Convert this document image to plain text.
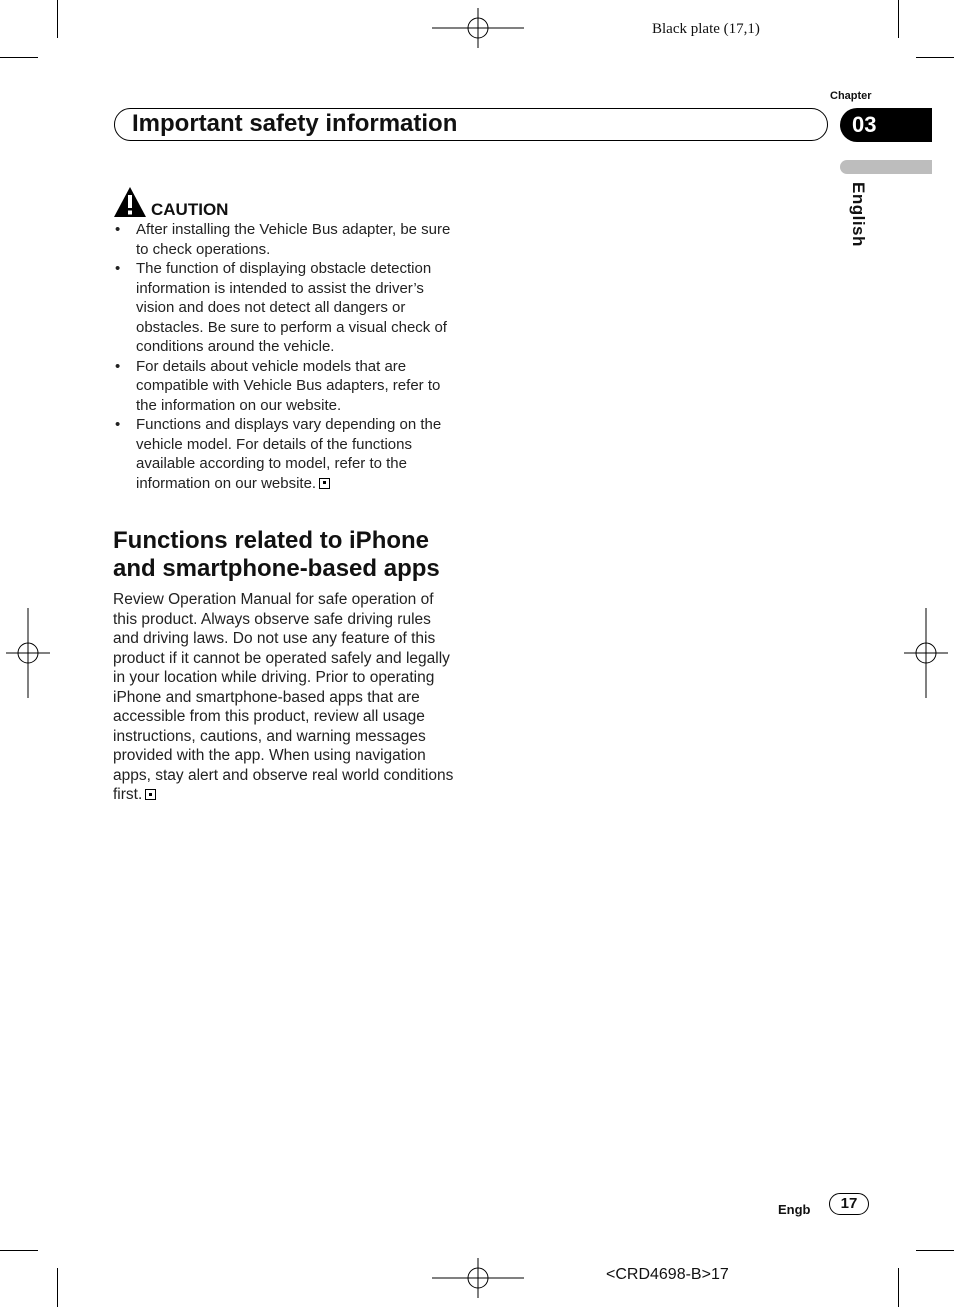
Black plate (17,1)
Chapter
Important safety information	03
English
CAUTION
• After installing the Vehicle Bus adapter, be sure to check operations.
• The function of displaying obstacle detection information is intended to assist the driver’s vision and does not detect all dangers or obstacles. Be sure to perform a visual check of conditions around the vehicle.
• For details about vehicle models that are compatible with Vehicle Bus adapters, refer to the information on our website.
• Functions and displays vary depending on the vehicle model. For details of the functions available according to model, refer to the information on our website.
Functions related to iPhone and smartphone-based apps

Review Operation Manual for safe operation of this product. Always observe safe driving rules and driving laws. Do not use any feature of this product if it cannot be operated safely and legally in your location while driving. Prior to operating iPhone and smartphone-based apps that are accessible from this product, review all usage instructions, cautions, and warning messages provided with the app. When using navigation apps, stay alert and observe real world conditions first.

Engb	17
<CRD4698-B>17
